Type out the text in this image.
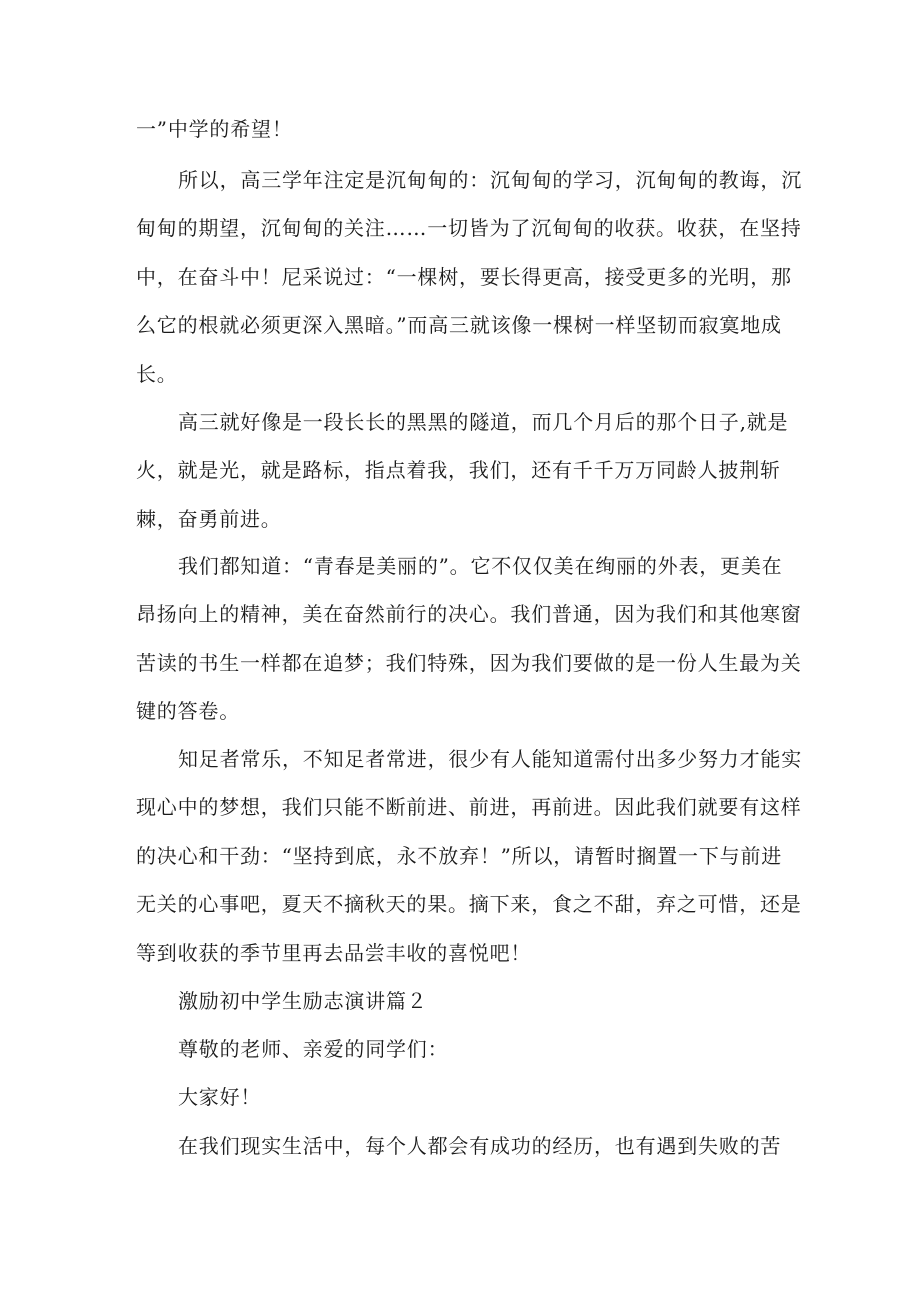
一”中学的希望！
所以，高三学年注定是沉甸甸的：沉甸甸的学习，沉甸甸的教诲，沉
甸甸的期望，沉甸甸的关注……一切皆为了沉甸甸的收获。收获，在坚持
中，在奋斗中！尼采说过：“一棵树，要长得更高，接受更多的光明，那
么它的根就必须更深入黑暗。”而高三就该像一棵树一样坚韧而寂寞地成
长。
高三就好像是一段长长的黑黑的隧道，而几个月后的那个日子,就是
火，就是光，就是路标，指点着我，我们，还有千千万万同龄人披荆斩
棘，奋勇前进。
我们都知道：“青春是美丽的”。它不仅仅美在绚丽的外表，更美在
昂扬向上的精神，美在奋然前行的决心。我们普通，因为我们和其他寒窗
苦读的书生一样都在追梦；我们特殊，因为我们要做的是一份人生最为关
键的答卷。
知足者常乐，不知足者常进，很少有人能知道需付出多少努力才能实
现心中的梦想，我们只能不断前进、前进，再前进。因此我们就要有这样
的决心和干劲：“坚持到底，永不放弃！”所以，请暂时搁置一下与前进
无关的心事吧，夏天不摘秋天的果。摘下来，食之不甜，弃之可惜，还是
等到收获的季节里再去品尝丰收的喜悦吧！
激励初中学生励志演讲篇２
尊敬的老师、亲爱的同学们：
大家好！
在我们现实生活中，每个人都会有成功的经历，也有遇到失败的苦
